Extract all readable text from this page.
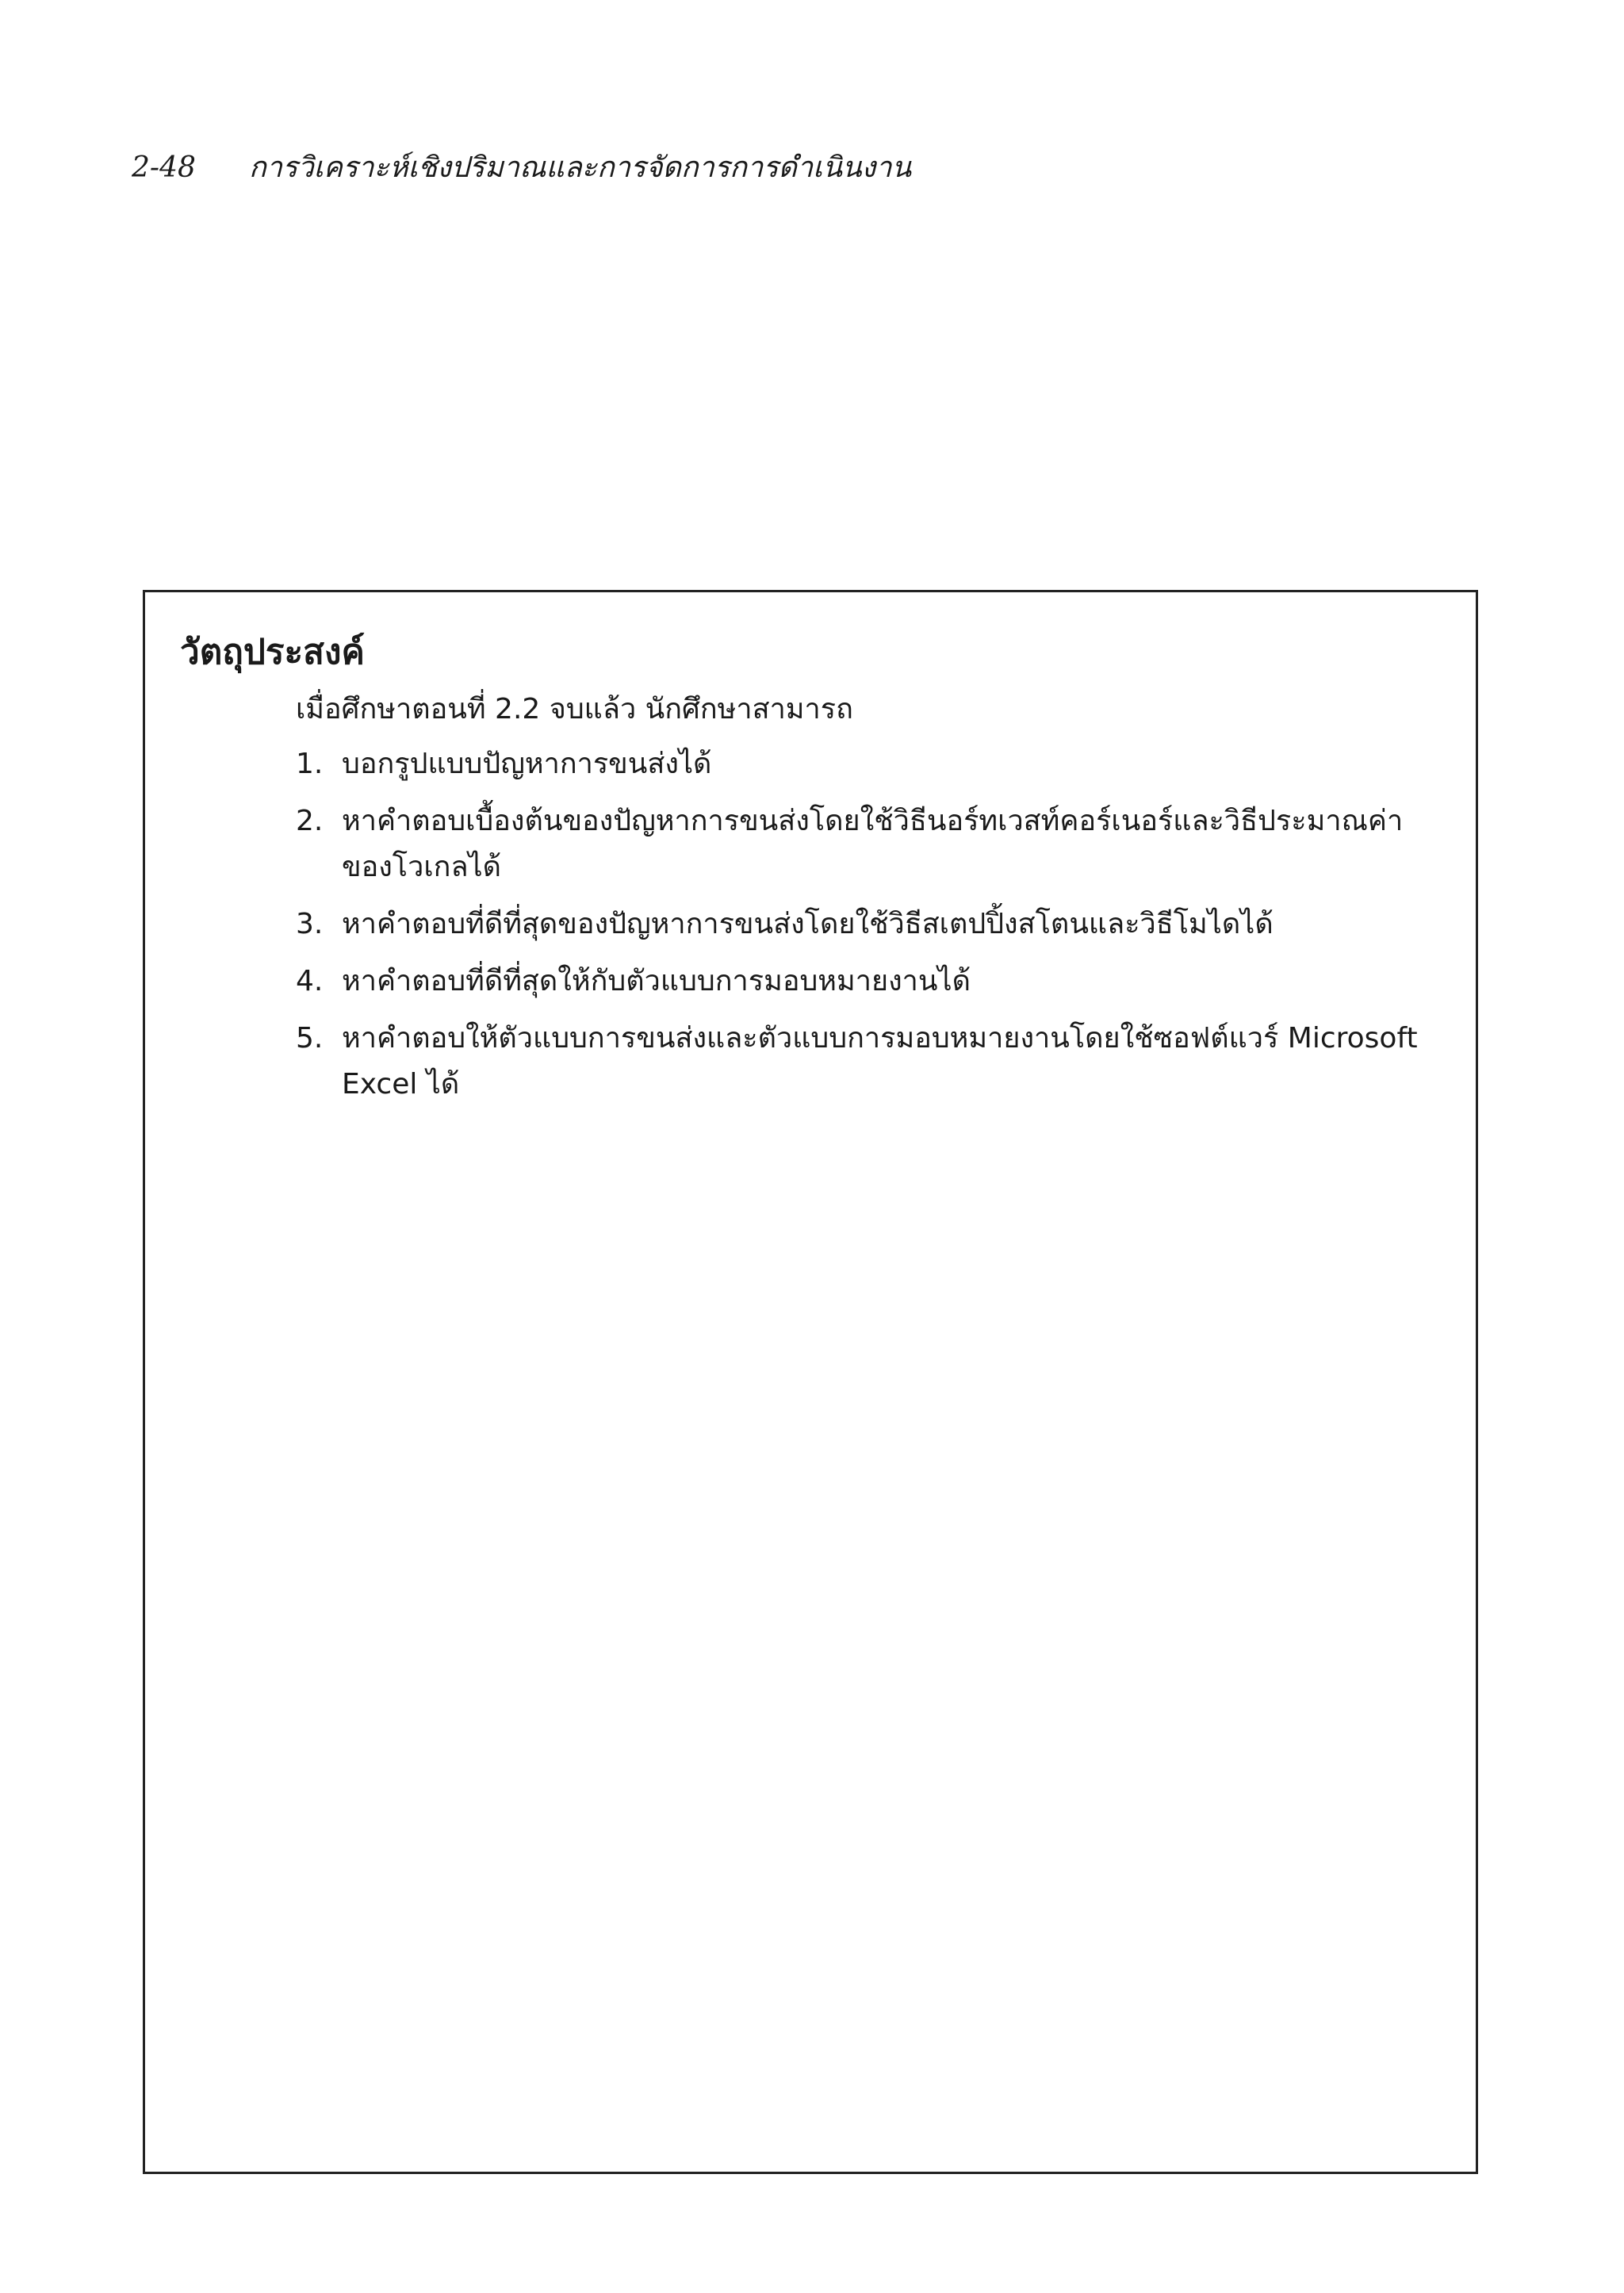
2-48 การวิเคราะห์เชิงปริมาณและการจัดการการดำเนินงาน
วัตถุประสงค์
เมื่อศึกษาตอนที่ 2.2 จบแล้ว นักศึกษาสามารถ
1. บอกรูปแบบปัญหาการขนส่งได้
2. หาคำตอบเบื้องต้นของปัญหาการขนส่งโดยใช้วิธีนอร์ทเวสท์คอร์เนอร์และวิธีประมาณค่าของโวเกลได้
3. หาคำตอบที่ดีที่สุดของปัญหาการขนส่งโดยใช้วิธีสเตปปิ้งสโตนและวิธีโมไดได้
4. หาคำตอบที่ดีที่สุดให้กับตัวแบบการมอบหมายงานได้
5. หาคำตอบให้ตัวแบบการขนส่งและตัวแบบการมอบหมายงานโดยใช้ซอฟต์แวร์ Microsoft Excel ได้
